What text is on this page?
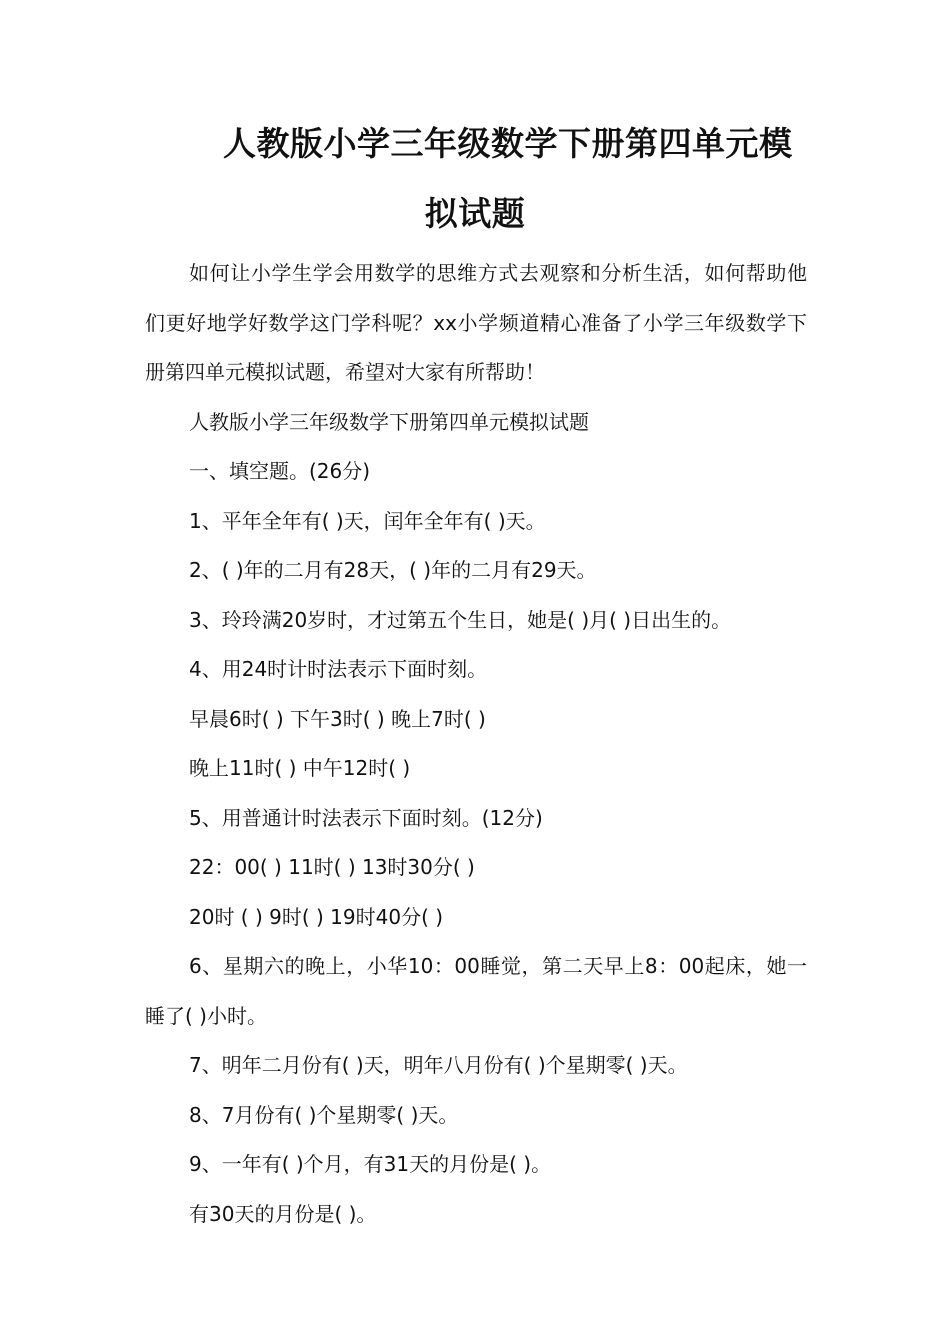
人教版小学三年级数学下册第四单元模
拟试题

如何让小学生学会用数学的思维方式去观察和分析生活，如何帮助他们更好地学好数学这门学科呢？xx小学频道精心准备了小学三年级数学下册第四单元模拟试题，希望对大家有所帮助！

人教版小学三年级数学下册第四单元模拟试题

一、填空题。(26分)

1、平年全年有( )天，闰年全年有( )天。

2、( )年的二月有28天，( )年的二月有29天。

3、玲玲满20岁时，才过第五个生日，她是( )月( )日出生的。

4、用24时计时法表示下面时刻。

早晨6时( ) 下午3时( ) 晚上7时( )

晚上11时( ) 中午12时( )

5、用普通计时法表示下面时刻。(12分)

22：00( ) 11时( ) 13时30分( )

20时 ( ) 9时( ) 19时40分( )

6、星期六的晚上，小华10：00睡觉，第二天早上8：00起床，她一睡了( )小时。

7、明年二月份有( )天，明年八月份有( )个星期零( )天。

8、7月份有( )个星期零( )天。

9、一年有( )个月，有31天的月份是( )。

有30天的月份是( )。
